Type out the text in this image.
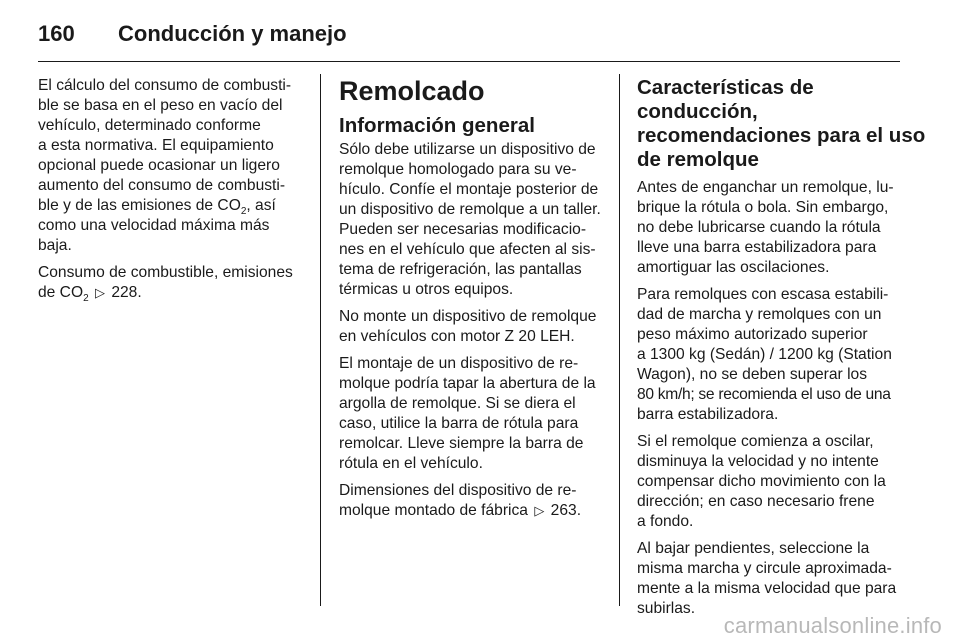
160	Conducción y manejo

El cálculo del consumo de combusti-
ble se basa en el peso en vacío del
vehículo, determinado conforme
a esta normativa. El equipamiento
opcional puede ocasionar un ligero
aumento del consumo de combusti-
ble y de las emisiones de $CO_2$, así
como una velocidad máxima más
baja.

Consumo de combustible, emisiones
de $CO_2$ ▷ 228.

Remolcado
Información general

Sólo debe utilizarse un dispositivo de
remolque homologado para su ve-
hículo. Confíe el montaje posterior de
un dispositivo de remolque a un taller.
Pueden ser necesarias modificacio-
nes en el vehículo que afecten al sis-
tema de refrigeración, las pantallas
térmicas u otros equipos.

No monte un dispositivo de remolque
en vehículos con motor Z 20 LEH.

El montaje de un dispositivo de re-
molque podría tapar la abertura de la
argolla de remolque. Si se diera el
caso, utilice la barra de rótula para
remolcar. Lleve siempre la barra de
rótula en el vehículo.

Dimensiones del dispositivo de re-
molque montado de fábrica ▷ 263.

Características de
conducción,
recomendaciones para el uso
de remolque

Antes de enganchar un remolque, lu-
brique la rótula o bola. Sin embargo,
no debe lubricarse cuando la rótula
lleve una barra estabilizadora para
amortiguar las oscilaciones.

Para remolques con escasa estabili-
dad de marcha y remolques con un
peso máximo autorizado superior
a 1300 kg (Sedán) / 1200 kg (Station
Wagon), no se deben superar los
80 km/h; se recomienda el uso de una
barra estabilizadora.

Si el remolque comienza a oscilar,
disminuya la velocidad y no intente
compensar dicho movimiento con la
dirección; en caso necesario frene
a fondo.

Al bajar pendientes, seleccione la
misma marcha y circule aproximada-
mente a la misma velocidad que para
subirlas.

carmanualsonline.info
